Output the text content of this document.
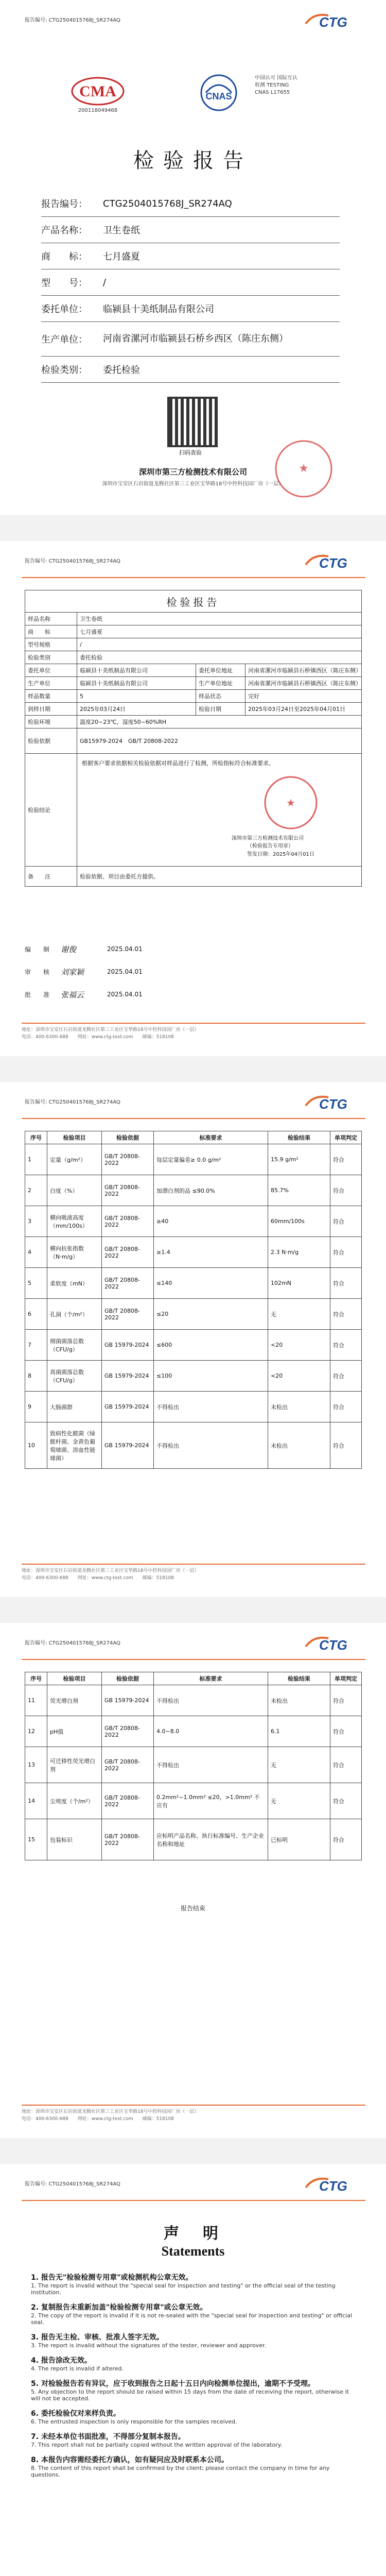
报告编号: CTG2504015768J_SR274AQ	CTG
CMA
200118049468
CNAS
中国认可 国际互认 检测 TESTING CNAS L17655
检验报告
报告编号：	CTG2504015768J_SR274AQ
产品名称：	卫生卷纸
商　　标：	七月盛夏
型　　号：	/
委托单位：	临颍县十美纸制品有限公司
生产单位：	河南省漯河市临颍县石桥乡西区（陈庄东侧）
检验类别：	委托检验
扫码查验
★
深圳市第三方检测技术有限公司
深圳市宝安区石岩街道龙腾社区第三工业区宝华路18号中控科技园厂房（一层）
报告编号: CTG2504015768J_SR274AQ	CTG
检验报告			
样品名称	卫生卷纸		
商　　标	七月盛夏		
型号规格	/		
检验类别	委托检验		
委托单位	临颍县十美纸制品有限公司	委托单位地址	河南省漯河市临颍县石桥镇西区（陈庄东侧）
生产单位	临颍县十美纸制品有限公司	生产单位地址	河南省漯河市临颍县石桥镇西区（陈庄东侧）
样品数量	5	样品状态	完好
到样日期	2025年03月24日	检验日期	2025年03月24日至2025年04月01日
检验环境	温度20~23℃，湿度50~60%RH		
检验依据	GB15979-2024　GB/T 20808-2022		
检验结论	根据客户要求依据相关检验依据对样品进行了检测，所检指标符合标准要求。
★
深圳市第三方检测技术有限公司
（检验报告专用章）
签发日期：2025年04月01日		

备　　注	检验依据、项目由委托方提供。		
编　　制	谢俊	2025.04.01
审　　核	刘家颖	2025.04.01
批　　准	张福云	2025.04.01
地址：深圳市宝安区石岩街道龙腾社区第三工业区宝华路18号中控科技园厂房（一层）
电话：400-6300-688　　网址：www.ctg-test.com　　邮编：518108
报告编号: CTG2504015768J_SR274AQ	CTG
序号	检验项目	检验依据	标准要求	检验结果	单项判定
1	定量（g/m²）	GB/T 20808-2022	每层定量偏差≥ 0.0 g/m²	15.9 g/m²	符合
2	白度（%）	GB/T 20808-2022	加漂白剂的品 ≤90.0%	85.7%	符合
3	横向吸液高度（mm/100s）	GB/T 20808-2022	≥40	60mm/100s	符合
4	横向抗张指数（N·m/g）	GB/T 20808-2022	≥1.4	2.3 N·m/g	符合
5	柔软度（mN）	GB/T 20808-2022	≤140	102mN	符合
6	孔洞（个/m²）	GB/T 20808-2022	≤20	无	符合
7	细菌菌落总数（CFU/g）	GB 15979-2024	≤600	<20	符合
8	真菌菌落总数（CFU/g）	GB 15979-2024	≤100	<20	符合
9	大肠菌群	GB 15979-2024	不得检出	未检出	符合
10	致病性化脓菌（绿脓杆菌、金黄色葡萄球菌、溶血性链球菌）	GB 15979-2024	不得检出	未检出	符合
地址：深圳市宝安区石岩街道龙腾社区第三工业区宝华路18号中控科技园厂房（一层）
电话：400-6300-688　　网址：www.ctg-test.com　　邮编：518108
报告编号: CTG2504015768J_SR274AQ	CTG
序号	检验项目	检验依据	标准要求	检验结果	单项判定
11	荧光增白剂	GB 15979-2024	不得检出	未检出	符合
12	pH值	GB/T 20808-2022	4.0~8.0	6.1	符合
13	可迁移性荧光增白剂	GB/T 20808-2022	不得检出	无	符合
14	尘埃度（个/m²）	GB/T 20808-2022	0.2mm²~1.0mm² ≤20，>1.0mm² 不应有	无	符合
15	包装标识	GB/T 20808-2022	应标明产品名称、执行标准编号、生产企业名称和地址	已标明	符合
报告结束
地址：深圳市宝安区石岩街道龙腾社区第三工业区宝华路18号中控科技园厂房（一层）
电话：400-6300-688　　网址：www.ctg-test.com　　邮编：518108
报告编号: CTG2504015768J_SR274AQ	CTG
声　明
Statements
1. 报告无"检验检测专用章"或检测机构公章无效。
1. The report is invalid without the "special seal for inspection and testing" or the official seal of the testing institution.
2. 复制报告未重新加盖"检验检测专用章"或公章无效。
2. The copy of the report is invalid if it is not re-sealed with the "special seal for inspection and testing" or official seal.
3. 报告无主检、审核、批准人签字无效。
3. The report is invalid without the signatures of the tester, reviewer and approver.
4. 报告涂改无效。
4. The report is invalid if altered.
5. 对检验报告若有异议，应于收到报告之日起十五日内向检测单位提出，逾期不予受理。
5. Any objection to the report should be raised within 15 days from the date of receiving the report, otherwise it will not be accepted.
6. 委托检验仅对来样负责。
6. The entrusted inspection is only responsible for the samples received.
7. 未经本单位书面批准，不得部分复制本报告。
7. This report shall not be partially copied without the written approval of the laboratory.
8. 本报告内容需经委托方确认，如有疑问应及时联系本公司。
8. The content of this report shall be confirmed by the client; please contact the company in time for any questions.
